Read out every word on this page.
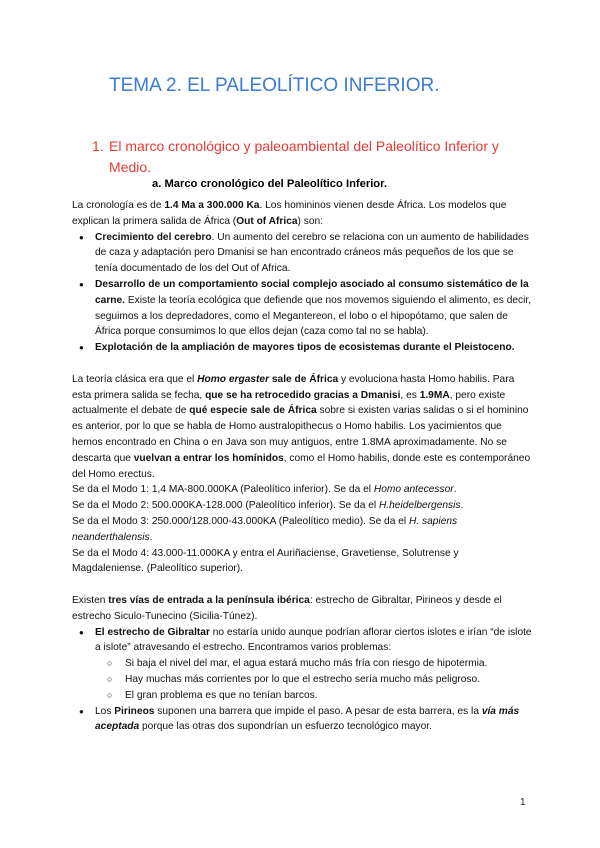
TEMA 2. EL PALEOLÍTICO INFERIOR.
1. El marco cronológico y paleoambiental del Paleolítico Inferior y Medio.
a. Marco cronológico del Paleolítico Inferior.

La cronología es de 1.4 Ma a 300.000 Ka. Los homininos vienen desde África. Los modelos que explican la primera salida de África (Out of Africa) son:

● Crecimiento del cerebro. Un aumento del cerebro se relaciona con un aumento de habilidades de caza y adaptación pero Dmanisi se han encontrado cráneos más pequeños de los que se tenía documentado de los del Out of Africa.
● Desarrollo de un comportamiento social complejo asociado al consumo sistemático de la carne. Existe la teoría ecológica que defiende que nos movemos siguiendo el alimento, es decir, seguimos a los depredadores, como el Megantereon, el lobo o el hipopótamo, que salen de África porque consumimos lo que ellos dejan (caza como tal no se habla).
● Explotación de la ampliación de mayores tipos de ecosistemas durante el Pleistoceno.

La teoría clásica era que el Homo ergaster sale de África y evoluciona hasta Homo habilis. Para esta primera salida se fecha, que se ha retrocedido gracias a Dmanisi, es 1.9MA, pero existe actualmente el debate de qué especie sale de África sobre si existen varias salidas o si el hominino es anterior, por lo que se habla de Homo australopithecus o Homo habilis. Los yacimientos que hemos encontrado en China o en Java son muy antiguos, entre 1.8MA aproximadamente. No se descarta que vuelvan a entrar los homínidos, como el Homo habilis, donde este es contemporáneo del Homo erectus.

Se da el Modo 1: 1,4 MA-800.000KA (Paleolítico inferior). Se da el Homo antecessor.

Se da el Modo 2: 500.000KA-128.000 (Paleolítico inferior). Se da el H.heidelbergensis.

Se da el Modo 3: 250.000/128.000-43.000KA (Paleolítico medio). Se da el H. sapiens neanderthalensis.

Se da el Modo 4: 43.000-11.000KA y entra el Auriñaciense, Gravetiense, Solutrense y Magdaleniense. (Paleolítico superior).

Existen tres vías de entrada a la península ibérica: estrecho de Gibraltar, Pirineos y desde el estrecho Siculo-Tunecino (Sicilia-Túnez).

● El estrecho de Gibraltar no estaría unido aunque podrían aflorar ciertos islotes e irían “de islote a islote” atravesando el estrecho. Encontramos varios problemas:
○ Si baja el nivel del mar, el agua estará mucho más fría con riesgo de hipotermia.
○ Hay muchas más corrientes por lo que el estrecho sería mucho más peligroso.
○ El gran problema es que no tenían barcos.
● Los Pirineos suponen una barrera que impide el paso. A pesar de esta barrera, es la vía más aceptada porque las otras dos supondrían un esfuerzo tecnológico mayor.
1
